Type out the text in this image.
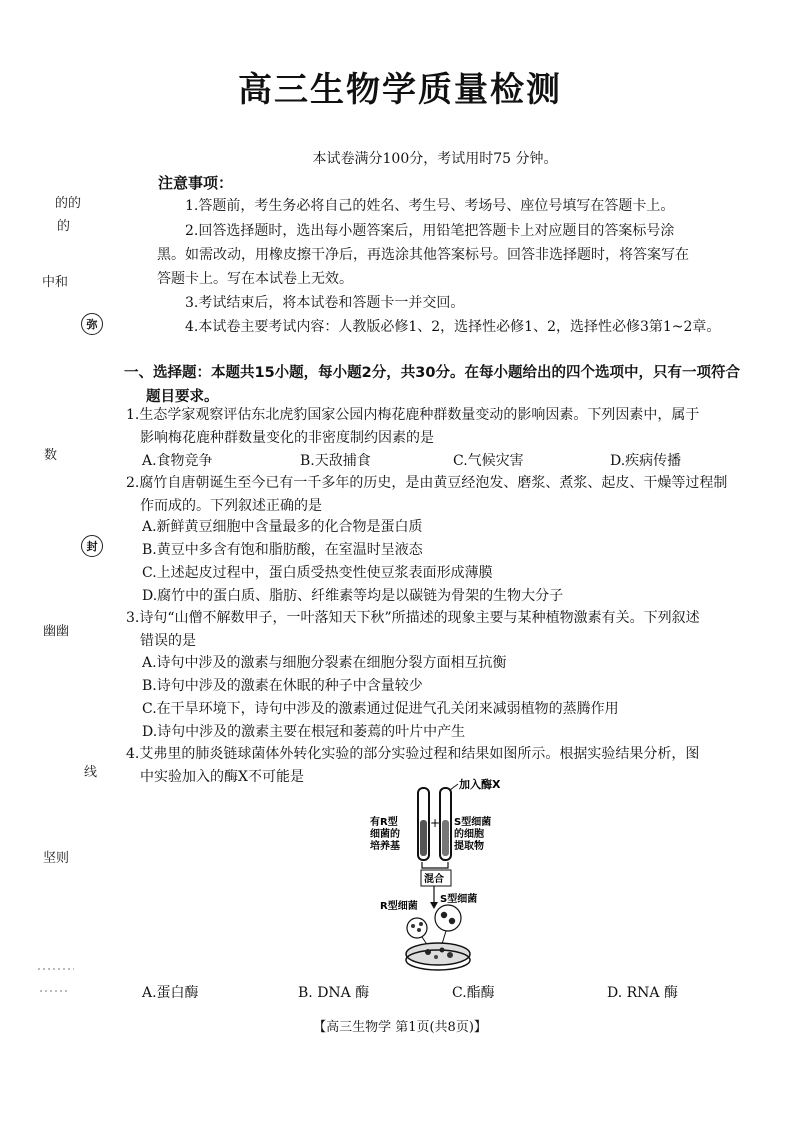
高三生物学质量检测
本试卷满分100分，考试用时75 分钟。
的的
的
中和
弥
数
封
幽幽
线
坚则
注意事项：
1.答题前，考生务必将自己的姓名、考生号、考场号、座位号填写在答题卡上。
2.回答选择题时，选出每小题答案后，用铅笔把答题卡上对应题目的答案标号涂
黑。如需改动，用橡皮擦干净后，再选涂其他答案标号。回答非选择题时，将答案写在
答题卡上。写在本试卷上无效。
3.考试结束后，将本试卷和答题卡一并交回。
4.本试卷主要考试内容：人教版必修1、2，选择性必修1、2，选择性必修3第1~2章。
一、选择题：本题共15小题，每小题2分，共30分。在每小题给出的四个选项中，只有一项符合
题目要求。
1.生态学家观察评估东北虎豹国家公园内梅花鹿种群数量变动的影响因素。下列因素中，属于
影响梅花鹿种群数量变化的非密度制约因素的是
A.食物竞争	B.天敌捕食	C.气候灾害	D.疾病传播
2.腐竹自唐朝诞生至今已有一千多年的历史，是由黄豆经泡发、磨浆、煮浆、起皮、干燥等过程制
作而成的。下列叙述正确的是
A.新鲜黄豆细胞中含量最多的化合物是蛋白质
B.黄豆中多含有饱和脂肪酸，在室温时呈液态
C.上述起皮过程中，蛋白质受热变性使豆浆表面形成薄膜
D.腐竹中的蛋白质、脂肪、纤维素等均是以碳链为骨架的生物大分子
3.诗句“山僧不解数甲子，一叶落知天下秋”所描述的现象主要与某种植物激素有关。下列叙述
错误的是
A.诗句中涉及的激素与细胞分裂素在细胞分裂方面相互抗衡
B.诗句中涉及的激素在休眠的种子中含量较少
C.在干旱环境下，诗句中涉及的激素通过促进气孔关闭来减弱植物的蒸腾作用
D.诗句中涉及的激素主要在根冠和萎蔫的叶片中产生
4.艾弗里的肺炎链球菌体外转化实验的部分实验过程和结果如图所示。根据实验结果分析，图
中实验加入的酶X不可能是	加入酶X
有R型
细菌的
培养基
+ S型细菌
的细胞
提取物
混合
S型细菌
R型细菌
A.蛋白酶	B. DNA 酶	C.酯酶	D. RNA 酶
【高三生物学 第1页(共8页)】
